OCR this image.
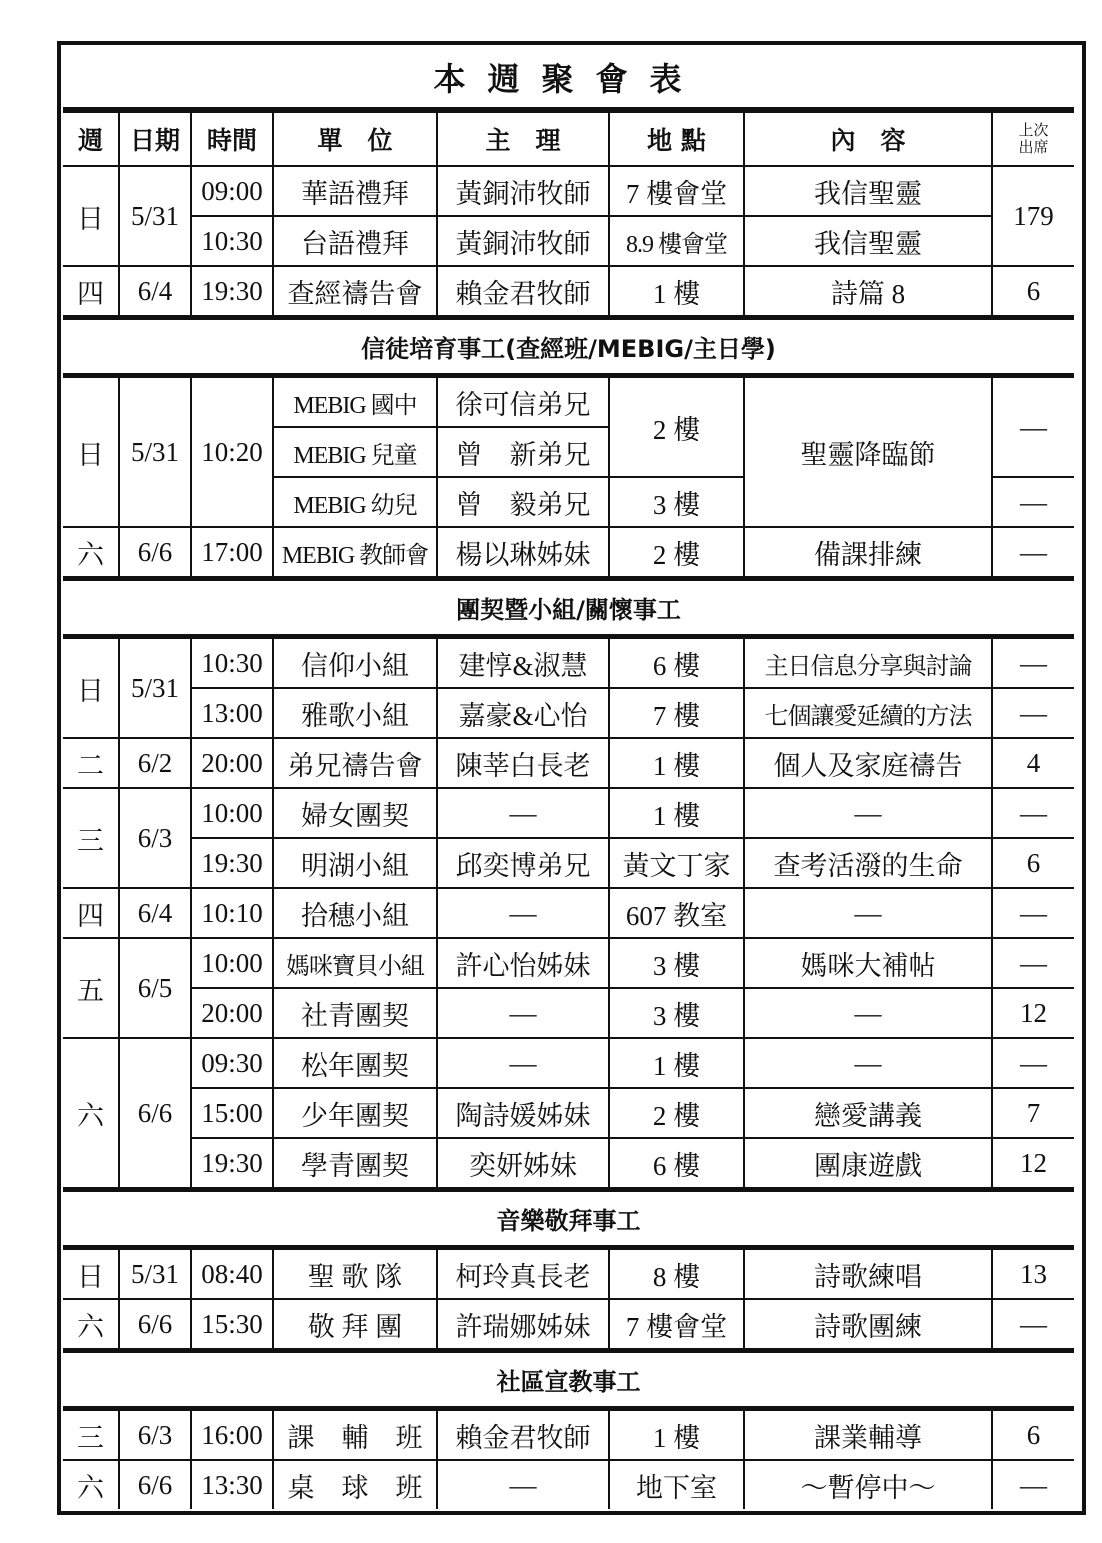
本週聚會表							
週	日期	時間	單　位	主　理	地 點	內　容	上次
出席
日	5/31	09:00	華語禮拜	黃銅沛牧師	7 樓會堂	我信聖靈	179
		10:30	台語禮拜	黃銅沛牧師	8.9 樓會堂	我信聖靈	
四	6/4	19:30	查經禱告會	賴金君牧師	1 樓	詩篇 8	6
信徒培育事工(查經班/MEBIG/主日學)							
日	5/31	10:20	MEBIG 國中	徐可信弟兄	2 樓	聖靈降臨節	—
			MEBIG 兒童	曾　新弟兄			
			MEBIG 幼兒	曾　毅弟兄	3 樓		—
六	6/6	17:00	MEBIG 教師會	楊以琳姊妹	2 樓	備課排練	—
團契暨小組/關懷事工							
日	5/31	10:30	信仰小組	建惇&淑慧	6 樓	主日信息分享與討論	—
		13:00	雅歌小組	嘉豪&心怡	7 樓	七個讓愛延續的方法	—
二	6/2	20:00	弟兄禱告會	陳莘白長老	1 樓	個人及家庭禱告	4
三	6/3	10:00	婦女團契	—	1 樓	—	—
		19:30	明湖小組	邱奕博弟兄	黃文丁家	查考活潑的生命	6
四	6/4	10:10	拾穗小組	—	607 教室	—	—
五	6/5	10:00	媽咪寶貝小組	許心怡姊妹	3 樓	媽咪大補帖	—
		20:00	社青團契	—	3 樓	—	12
六	6/6	09:30	松年團契	—	1 樓	—	—
		15:00	少年團契	陶詩媛姊妹	2 樓	戀愛講義	7
		19:30	學青團契	奕妍姊妹	6 樓	團康遊戲	12
音樂敬拜事工							
日	5/31	08:40	聖 歌 隊	柯玲真長老	8 樓	詩歌練唱	13
六	6/6	15:30	敬 拜 團	許瑞娜姊妹	7 樓會堂	詩歌團練	—
社區宣教事工							
三	6/3	16:00	課　輔　班	賴金君牧師	1 樓	課業輔導	6
六	6/6	13:30	桌　球　班	—	地下室	～暫停中～	—
